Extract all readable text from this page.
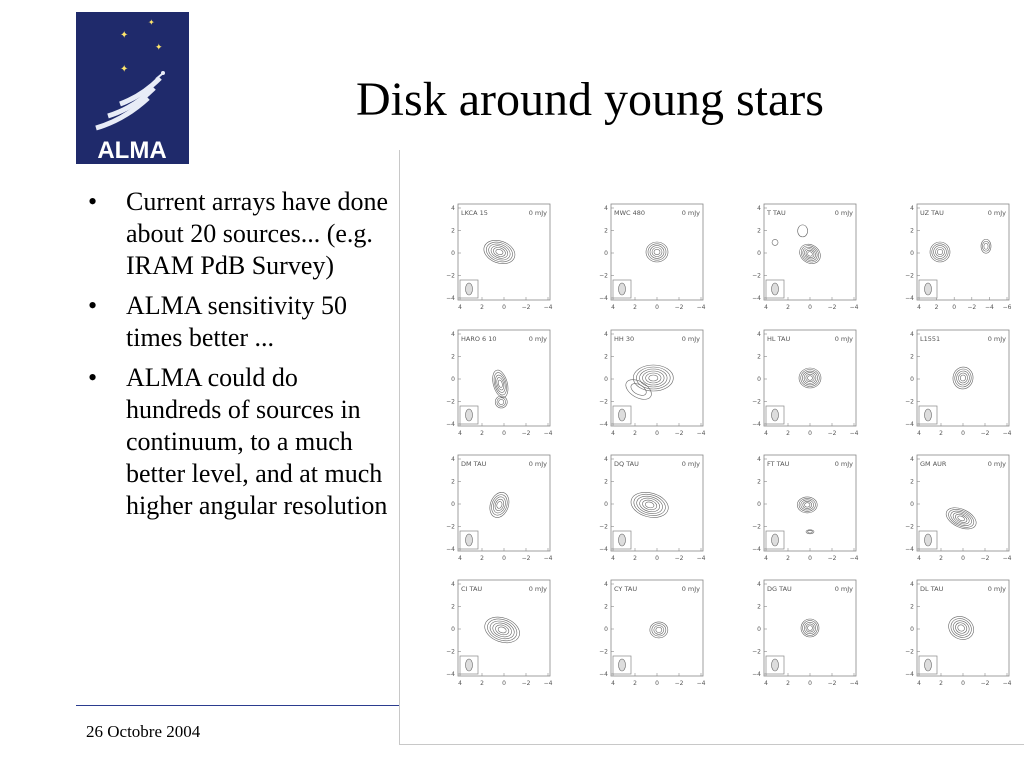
✦
✦
✦
✦
ALMA
Disk around young stars
• Current arrays have done about 20 sources... (e.g. IRAM PdB Survey)
• ALMA sensitivity 50 times better ...
• ALMA could do hundreds of sources in continuum, to a much better level, and at much higher angular resolution
LKCA 15	0 mJy
4
2
0
−2
−4
4	2	0	−2 −4
MWC 480	0 mJy
4
2
0
−2
−4
4	2	0	−2 −4
T TAU	0 mJy
4
2
0
−2
−4
4	2	0	−2 −4
UZ TAU	0 mJy
4
2
0
−2
−4
4 2 0 −2 −4 −6
HARO 6 10	0 mJy
4
2
0
−2
−4
4	2	0	−2 −4
HH 30	0 mJy
4
2
0
−2
−4
4	2	0	−2 −4
HL TAU	0 mJy
4
2
0
−2
−4
4	2	0	−2 −4
L1551	0 mJy
4
2
0
−2
−4
4	2	0	−2 −4
DM TAU	0 mJy
4
2
0
−2
−4
4	2	0	−2 −4
DQ TAU	0 mJy
4
2
0
−2
−4
4	2	0	−2 −4
FT TAU	0 mJy
4
2
0
−2
−4
4	2	0	−2 −4
GM AUR	0 mJy
4
2
0
−2
−4
4	2	0	−2 −4
CI TAU	0 mJy
4
2
0
−2
−4
4	2	0	−2 −4
CY TAU	0 mJy
4
2
0
−2
−4
4	2	0	−2 −4
DG TAU	0 mJy
4
2
0
−2
−4
4	2	0	−2 −4
DL TAU	0 mJy
4
2
0
−2
−4
4	2	0	−2 −4
26 Octobre 2004
